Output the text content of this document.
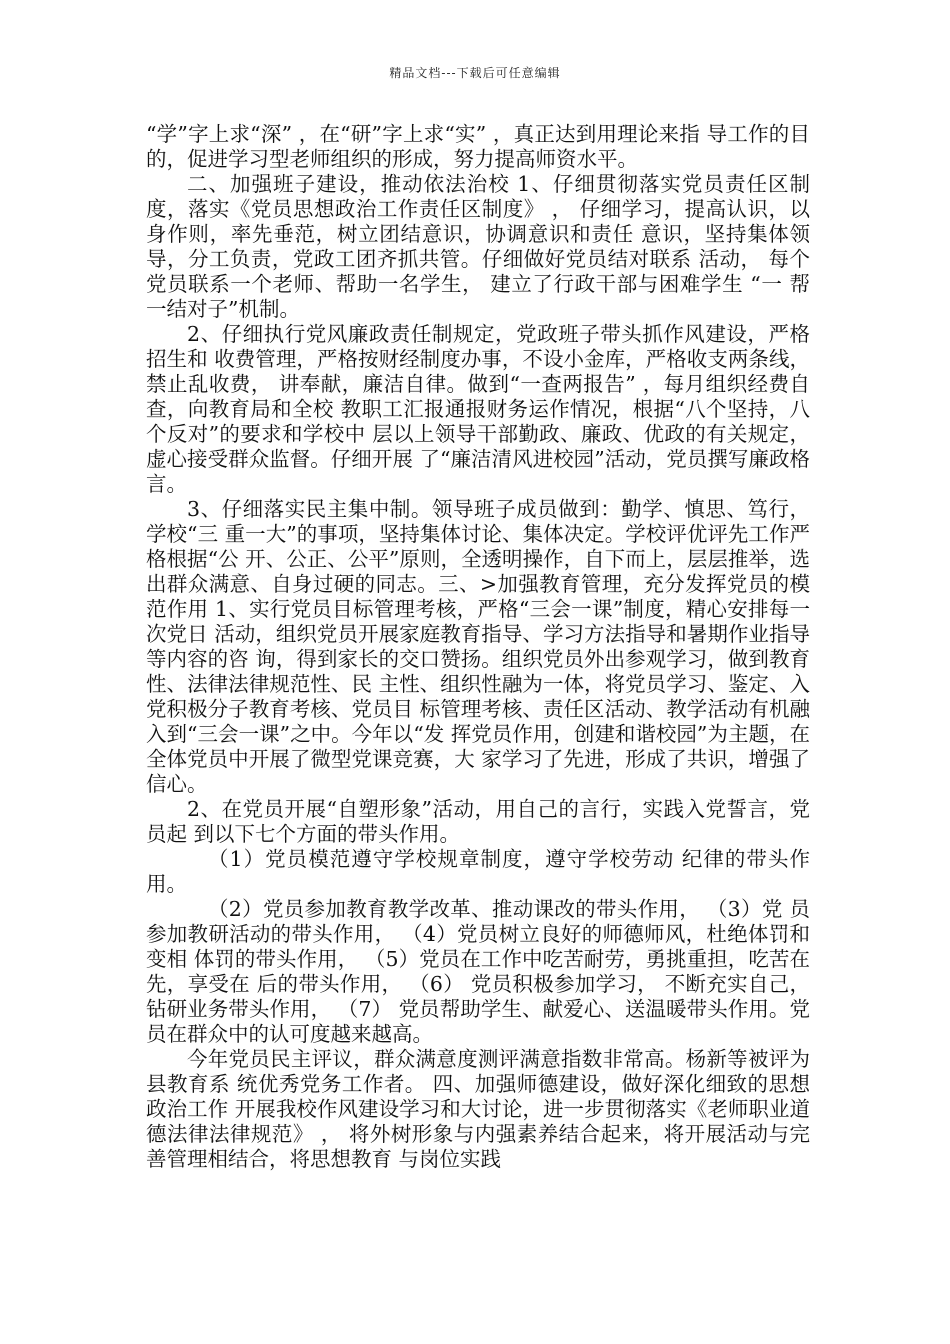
精品文档---下载后可任意编辑

“学”字上求“深” ，在“研”字上求“实” ，真正达到用理论来指 导工作的目的，促进学习型老师组织的形成，努力提高师资水平。

二、加强班子建设，推动依法治校 1、仔细贯彻落实党员责任区制度，落实《党员思想政治工作责任区制度》 ， 仔细学习，提高认识，以身作则，率先垂范，树立团结意识，协调意识和责任 意识，坚持集体领导，分工负责，党政工团齐抓共管。仔细做好党员结对联系 活动， 每个党员联系一个老师、帮助一名学生， 建立了行政干部与困难学生 “一 帮一结对子”机制。

2、仔细执行党风廉政责任制规定，党政班子带头抓作风建设，严格招生和 收费管理，严格按财经制度办事，不设小金库，严格收支两条线，禁止乱收费， 讲奉献，廉洁自律。做到“一查两报告” ，每月组织经费自查，向教育局和全校 教职工汇报通报财务运作情况，根据“八个坚持，八个反对”的要求和学校中 层以上领导干部勤政、廉政、优政的有关规定，虚心接受群众监督。仔细开展 了“廉洁清风进校园”活动，党员撰写廉政格言。

3、仔细落实民主集中制。领导班子成员做到：勤学、慎思、笃行，学校“三 重一大”的事项，坚持集体讨论、集体决定。学校评优评先工作严格根据“公 开、公正、公平”原则，全透明操作，自下而上，层层推举，选出群众满意、自身过硬的同志。三、>加强教育管理，充分发挥党员的模范作用 1、实行党员目标管理考核，严格“三会一课”制度，精心安排每一次党日 活动，组织党员开展家庭教育指导、学习方法指导和暑期作业指导等内容的咨 询，得到家长的交口赞扬。组织党员外出参观学习，做到教育性、法律法律规范性、民 主性、组织性融为一体，将党员学习、鉴定、入党积极分子教育考核、党员目 标管理考核、责任区活动、教学活动有机融入到“三会一课”之中。今年以“发 挥党员作用，创建和谐校园”为主题，在全体党员中开展了微型党课竞赛，大 家学习了先进，形成了共识，增强了信心。

2、在党员开展“自塑形象”活动，用自己的言行，实践入党誓言，党员起 到以下七个方面的带头作用。

（1）党员模范遵守学校规章制度，遵守学校劳动 纪律的带头作用。

（2）党员参加教育教学改革、推动课改的带头作用， （3）党 员参加教研活动的带头作用， （4）党员树立良好的师德师风，杜绝体罚和变相 体罚的带头作用， （5）党员在工作中吃苦耐劳，勇挑重担，吃苦在先，享受在 后的带头作用， （6） 党员积极参加学习， 不断充实自己， 钻研业务带头作用， （7） 党员帮助学生、献爱心、送温暖带头作用。党员在群众中的认可度越来越高。

今年党员民主评议，群众满意度测评满意指数非常高。杨新等被评为县教育系 统优秀党务工作者。 四、加强师德建设，做好深化细致的思想政治工作 开展我校作风建设学习和大讨论，进一步贯彻落实《老师职业道德法律法律规范》 ， 将外树形象与内强素养结合起来，将开展活动与完善管理相结合，将思想教育 与岗位实践
